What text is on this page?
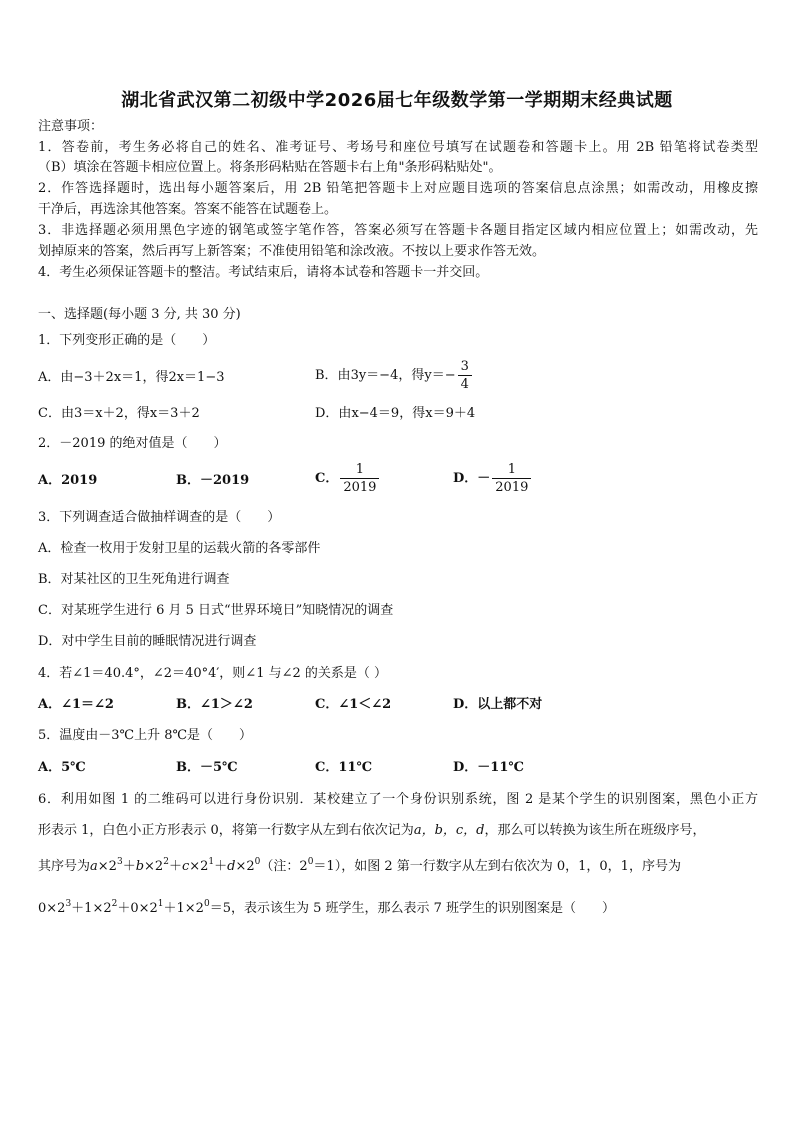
湖北省武汉第二初级中学2026届七年级数学第一学期期末经典试题
注意事项：
1．答卷前，考生务必将自己的姓名、准考证号、考场号和座位号填写在试题卷和答题卡上。用 2B 铅笔将试卷类型
（B）填涂在答题卡相应位置上。将条形码粘贴在答题卡右上角"条形码粘贴处"。
2．作答选择题时，选出每小题答案后，用 2B 铅笔把答题卡上对应题目选项的答案信息点涂黑；如需改动，用橡皮擦
干净后，再选涂其他答案。答案不能答在试题卷上。
3．非选择题必须用黑色字迹的钢笔或签字笔作答，答案必须写在答题卡各题目指定区域内相应位置上；如需改动，先
划掉原来的答案，然后再写上新答案；不准使用铅笔和涂改液。不按以上要求作答无效。
4．考生必须保证答题卡的整洁。考试结束后，请将本试卷和答题卡一并交回。
一、选择题(每小题 3 分, 共 30 分)
1．下列变形正确的是（　　）
A．由−3＋2x＝1，得2x＝1−3	B．由3y＝−4，得$y=- \frac{3}{4}$
C．由3＝x＋2，得x＝3＋2	D．由x−4＝9，得x＝9＋4
2．－2019 的绝对值是（　　）
A．2019	B．－2019	C． $\frac{1}{2019}$	D．－ $\frac{1}{2019}$
3．下列调查适合做抽样调查的是（　　）
A．检查一枚用于发射卫星的运载火箭的各零部件
B．对某社区的卫生死角进行调查
C．对某班学生进行 6 月 5 日式“世界环境日”知晓情况的调查
D．对中学生目前的睡眠情况进行调查
4．若∠1＝40.4°，∠2＝40°4′，则∠1 与∠2 的关系是（ ）
A．∠1＝∠2	B．∠1＞∠2	C．∠1＜∠2	D．以上都不对
5．温度由－3℃上升 8℃是（　　）
A．5℃	B．－5℃	C．11℃	D．－11℃
6．利用如图 1 的二维码可以进行身份识别．某校建立了一个身份识别系统，图 2 是某个学生的识别图案，黑色小正方
形表示 1，白色小正方形表示 0，将第一行数字从左到右依次记为a，b，c，d，那么可以转换为该生所在班级序号，
其序号为$a\times 2^3+b\times 2^2+c\times 2^1+d\times 2^0$（注：$2^0=1$），如图 2 第一行数字从左到右依次为 0，1，0，1，序号为
$0\times 2^3+1\times 2^2+0\times 2^1+1\times 2^0=5$，表示该生为 5 班学生，那么表示 7 班学生的识别图案是（　　）
